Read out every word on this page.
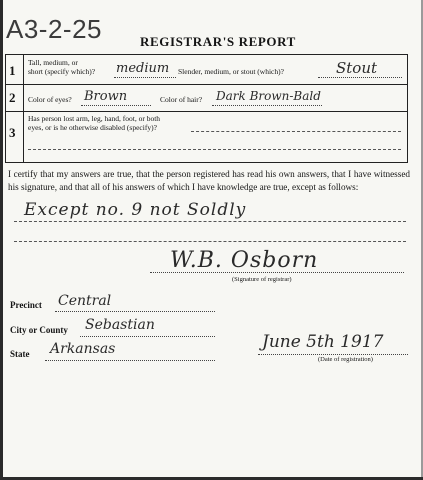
A3-2-25	REGISTRAR'S REPORT
1
Tall, medium, or
short (specify which)? medium Slender, medium, or stout (which)?	Stout
2 Color of eyes? Brown	Color of hair? Dark Brown-Bald
3
Has person lost arm, leg, hand, foot, or both
eyes, or is he otherwise disabled (specify)?
I certify that my answers are true, that the person registered has read his own answers, that I have witnessed his signature, and that all of his answers of which I have knowledge are true, except as follows:
Except no. 9 not Soldly
W.B. Osborn
(Signature of registrar)
Precinct Central
City or County Sebastian
State Arkansas	June 5th 1917
(Date of registration)
